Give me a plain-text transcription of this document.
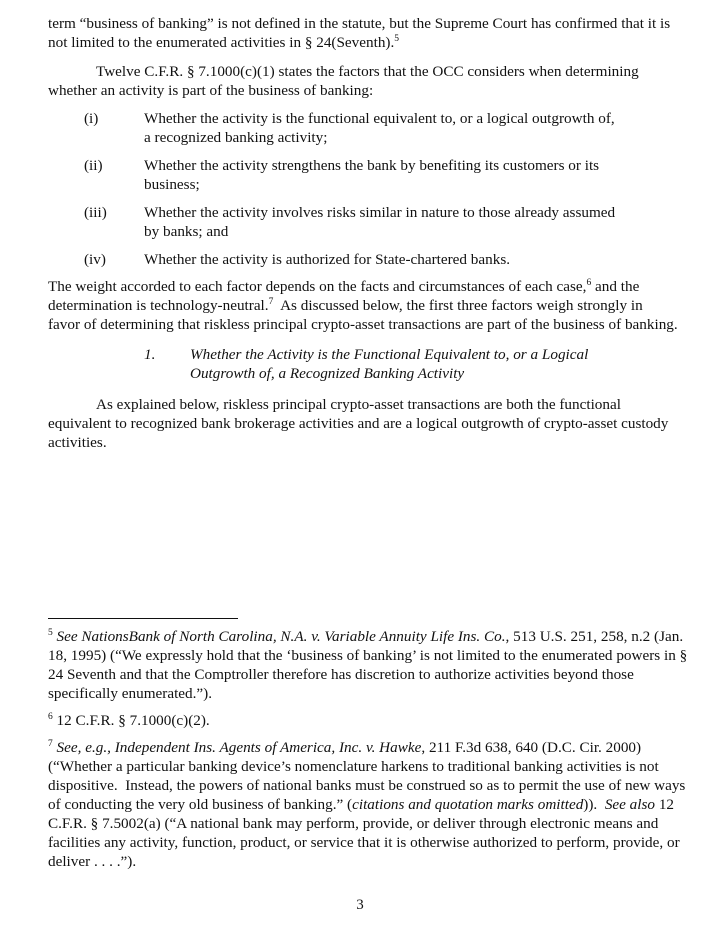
term “business of banking” is not defined in the statute, but the Supreme Court has confirmed that it is not limited to the enumerated activities in § 24(Seventh).$^5$

Twelve C.F.R. § 7.1000(c)(1) states the factors that the OCC considers when determining whether an activity is part of the business of banking:

(i)	Whether the activity is the functional equivalent to, or a logical outgrowth of, a recognized banking activity;
(ii)	Whether the activity strengthens the bank by benefiting its customers or its business;
(iii)	Whether the activity involves risks similar in nature to those already assumed by banks; and
(iv)	Whether the activity is authorized for State-chartered banks.

The weight accorded to each factor depends on the facts and circumstances of each case,$^6$ and the determination is technology-neutral.$^7$  As discussed below, the first three factors weigh strongly in favor of determining that riskless principal crypto-asset transactions are part of the business of banking.

1.	Whether the Activity is the Functional Equivalent to, or a Logical Outgrowth of, a Recognized Banking Activity

As explained below, riskless principal crypto-asset transactions are both the functional equivalent to recognized bank brokerage activities and are a logical outgrowth of crypto-asset custody activities.

$^5$ See NationsBank of North Carolina, N.A. v. Variable Annuity Life Ins. Co., 513 U.S. 251, 258, n.2 (Jan. 18, 1995) (“We expressly hold that the ‘business of banking’ is not limited to the enumerated powers in § 24 Seventh and that the Comptroller therefore has discretion to authorize activities beyond those specifically enumerated.”).

$^6$ 12 C.F.R. § 7.1000(c)(2).

$^7$ See, e.g., Independent Ins. Agents of America, Inc. v. Hawke, 211 F.3d 638, 640 (D.C. Cir. 2000) (“Whether a particular banking device’s nomenclature harkens to traditional banking activities is not dispositive.  Instead, the powers of national banks must be construed so as to permit the use of new ways of conducting the very old business of banking.” (citations and quotation marks omitted)).  See also 12 C.F.R. § 7.5002(a) (“A national bank may perform, provide, or deliver through electronic means and facilities any activity, function, product, or service that it is otherwise authorized to perform, provide, or deliver . . . .”).

3
